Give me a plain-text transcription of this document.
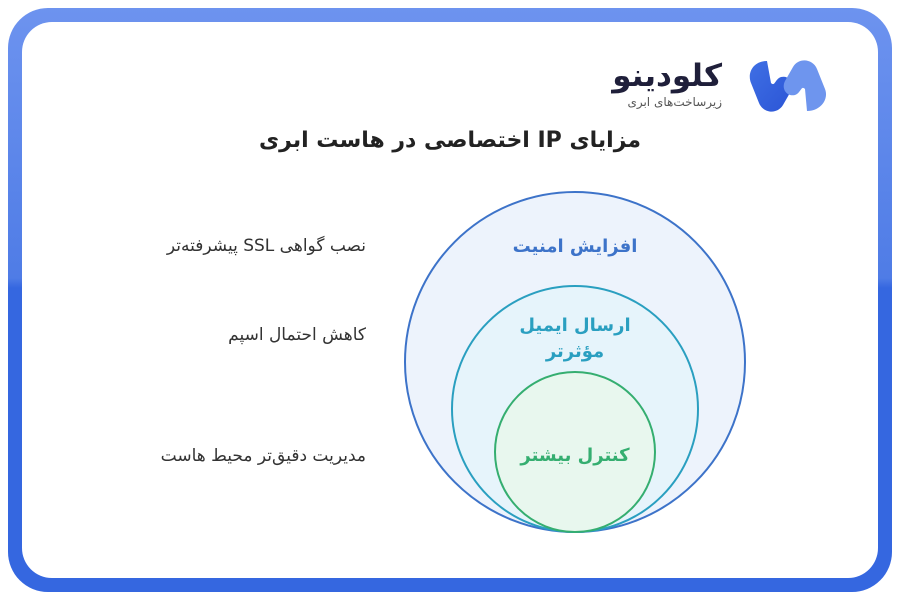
کلودینو
زیرساخت‌های ابری
مزایای IP اختصاصی در هاست ابری
نصب گواهی SSL پیشرفته‌تر
کاهش احتمال اسپم
مدیریت دقیق‌تر محیط هاست
افزایش امنیت
ارسال ایمیل
مؤثرتر
کنترل بیشتر
